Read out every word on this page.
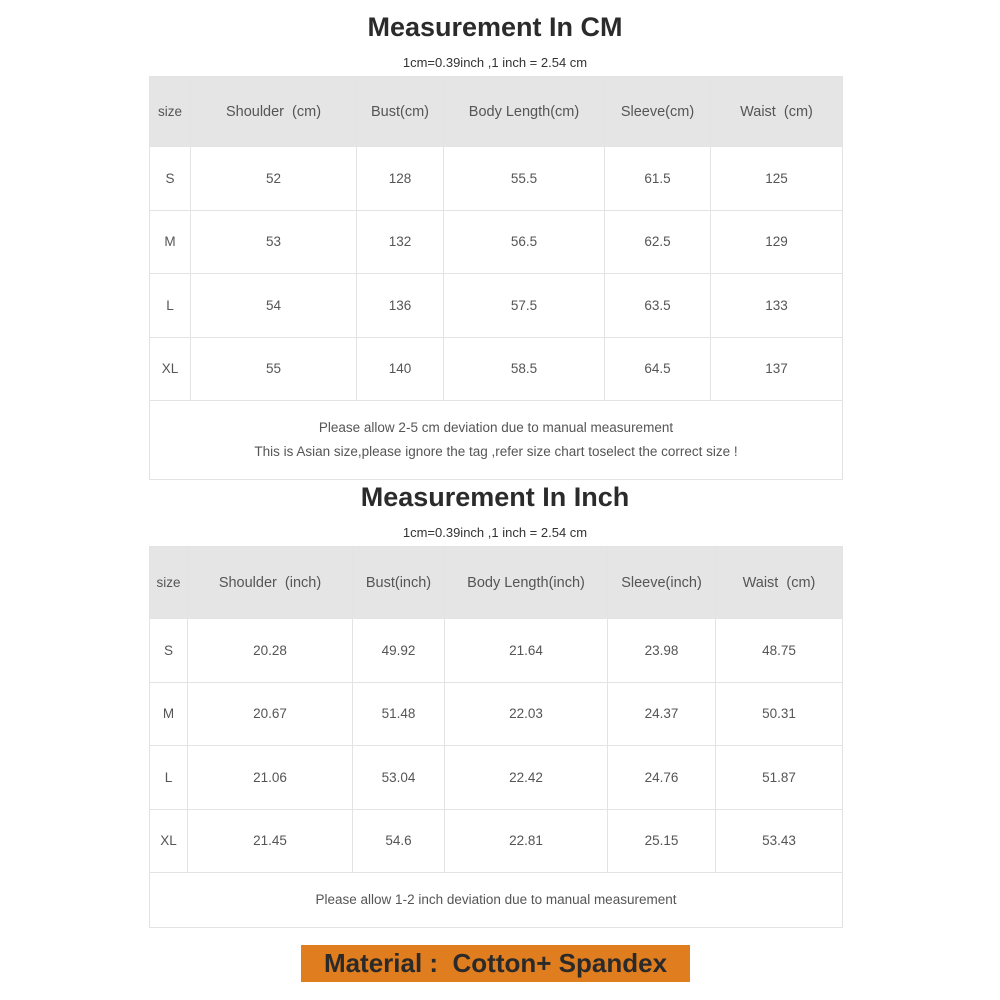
Measurement In CM
1cm=0.39inch ,1 inch = 2.54 cm
size	Shoulder  (cm)	Bust(cm)	Body Length(cm)	Sleeve(cm)	Waist  (cm)
S	52	128	55.5	61.5	125
M	53	132	56.5	62.5	129
L	54	136	57.5	63.5	133
XL	55	140	58.5	64.5	137

Please allow 2-5 cm deviation due to manual measurement
This is Asian size,please ignore the tag ,refer size chart toselect the correct size !					
Measurement In Inch
1cm=0.39inch ,1 inch = 2.54 cm
size	Shoulder  (inch)	Bust(inch)	Body Length(inch)	Sleeve(inch)	Waist  (cm)
S	20.28	49.92	21.64	23.98	48.75
M	20.67	51.48	22.03	24.37	50.31
L	21.06	53.04	22.42	24.76	51.87
XL	21.45	54.6	22.81	25.15	53.43
Please allow 1-2 inch deviation due to manual measurement					
Material :  Cotton+ Spandex
